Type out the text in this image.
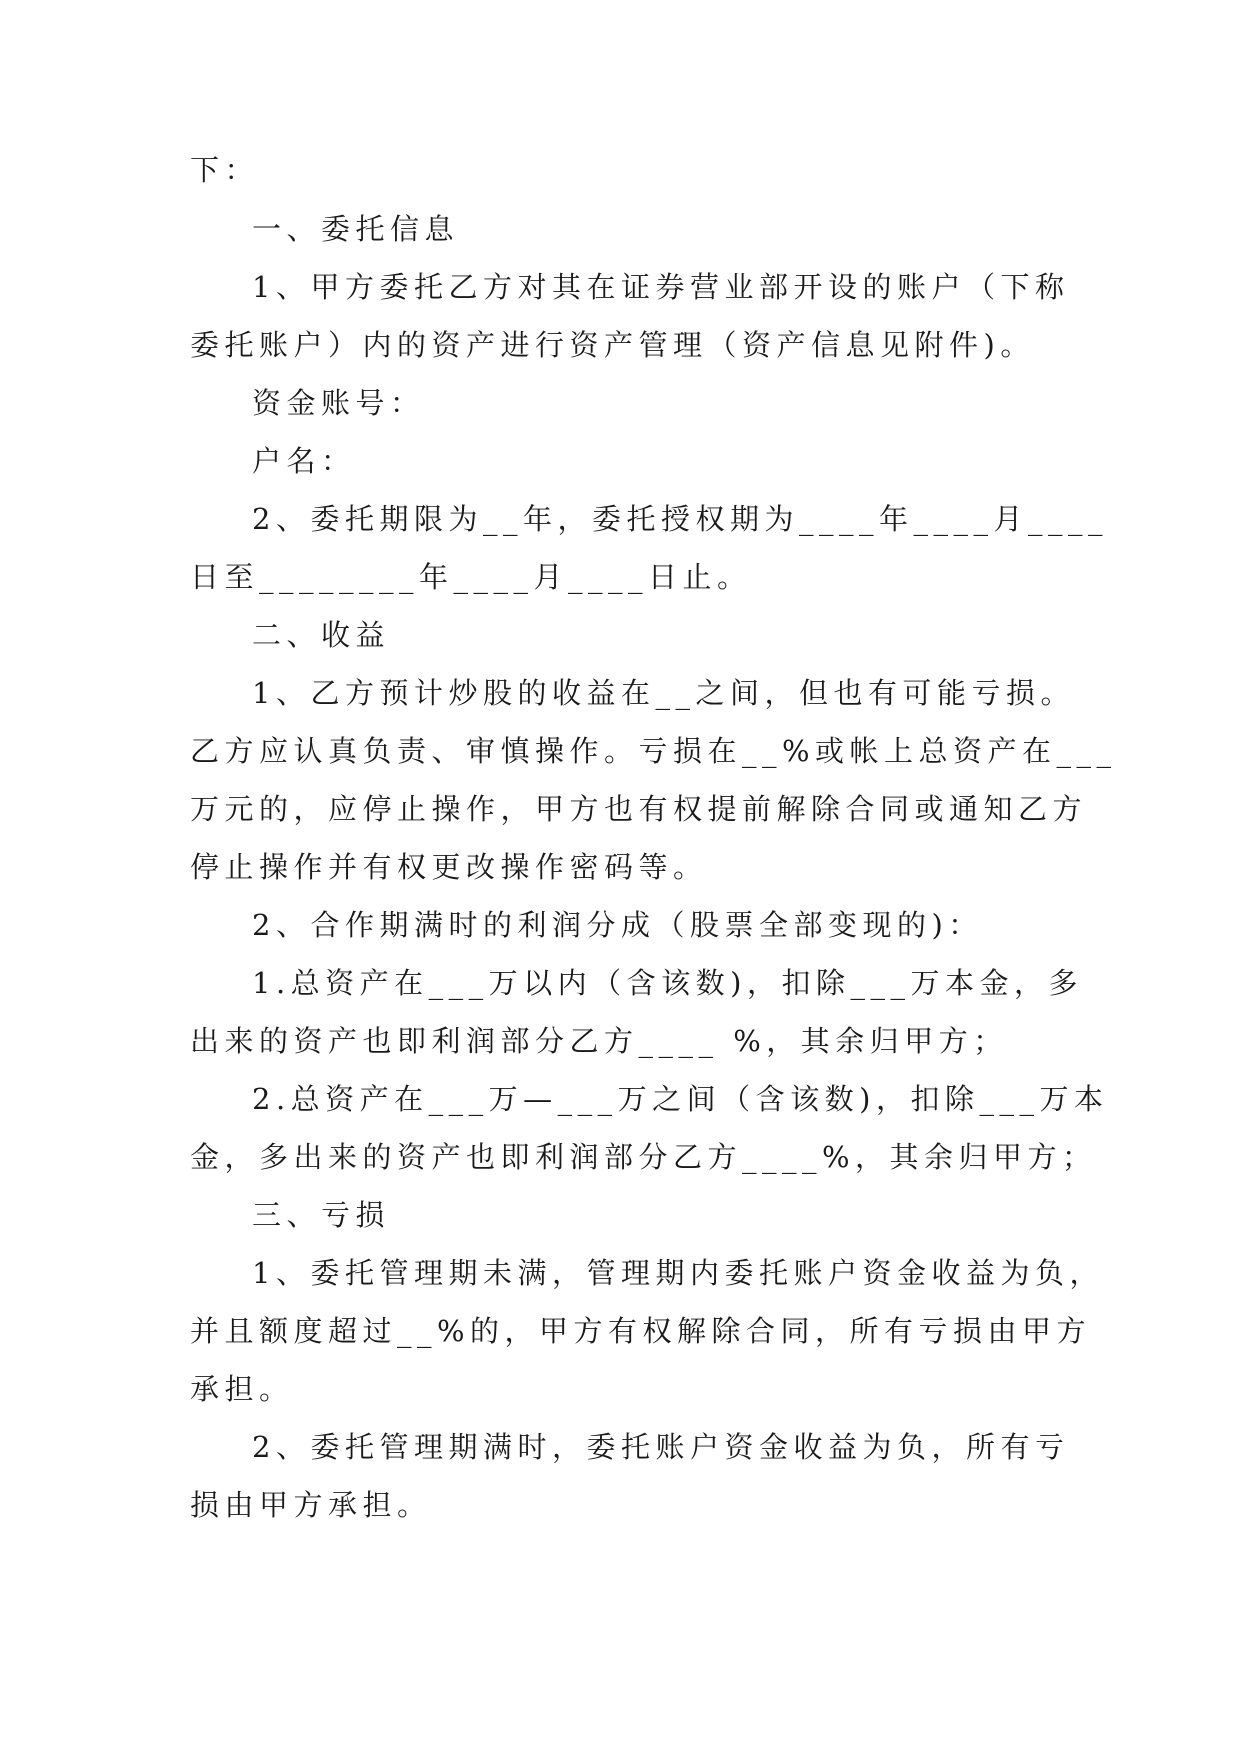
下：
一、委托信息
1、甲方委托乙方对其在证券营业部开设的账户（下称
委托账户）内的资产进行资产管理（资产信息见附件)。
资金账号：
户名：
2、委托期限为__年，委托授权期为____年____月____
日至________年____月____日止。
二、收益
1、乙方预计炒股的收益在__之间，但也有可能亏损。
乙方应认真负责、审慎操作。亏损在__%或帐上总资产在___
万元的，应停止操作，甲方也有权提前解除合同或通知乙方
停止操作并有权更改操作密码等。
2、合作期满时的利润分成（股票全部变现的)：
1.总资产在___万以内（含该数)，扣除___万本金，多
出来的资产也即利润部分乙方____ %，其余归甲方；
2.总资产在___万—___万之间（含该数)，扣除___万本
金，多出来的资产也即利润部分乙方____%，其余归甲方；
三、亏损
1、委托管理期未满，管理期内委托账户资金收益为负，
并且额度超过__%的，甲方有权解除合同，所有亏损由甲方
承担。
2、委托管理期满时，委托账户资金收益为负，所有亏
损由甲方承担。
